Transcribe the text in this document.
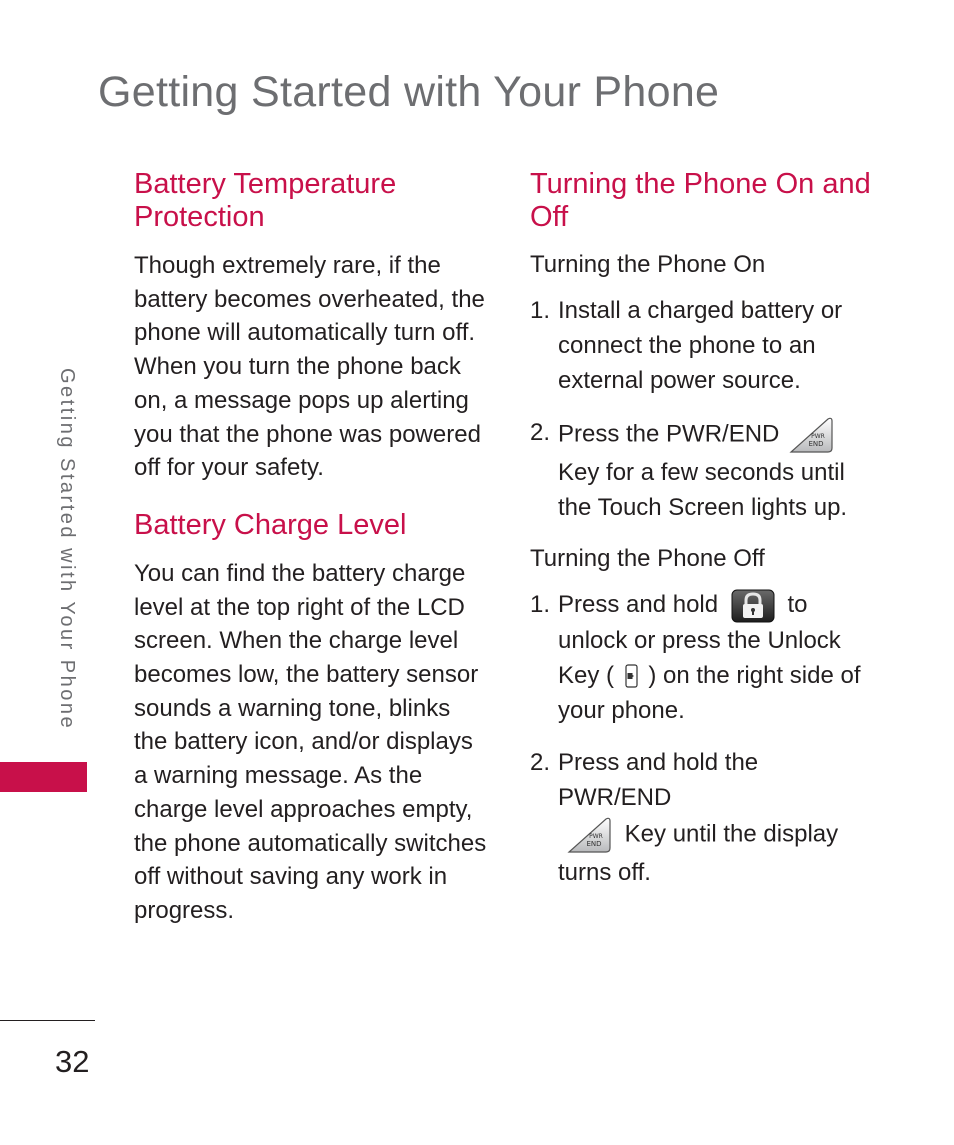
Getting Started with Your Phone
Getting Started with Your Phone
Battery Temperature Protection

Though extremely rare, if the battery becomes overheated, the phone will automatically turn off. When you turn the phone back on, a message pops up alerting you that the phone was powered off for your safety.

Battery Charge Level

You can find the battery charge level at the top right of the LCD screen. When the charge level becomes low, the battery sensor sounds a warning tone, blinks the battery icon, and/or displays a warning message. As the charge level approaches empty, the phone automatically switches off without saving any work in progress.

Turning the Phone On and Off
Turning the Phone On
1. Install a charged battery or connect the phone to an external power source.
2. Press the PWR/END	PWR
END
Key for a few seconds until the Touch Screen lights up.
Turning the Phone Off
1. Press and hold	to unlock or press the Unlock Key ( ) on the right side of your phone.
2. Press and hold the PWR/END

PWR
END Key until the display turns off.
32
